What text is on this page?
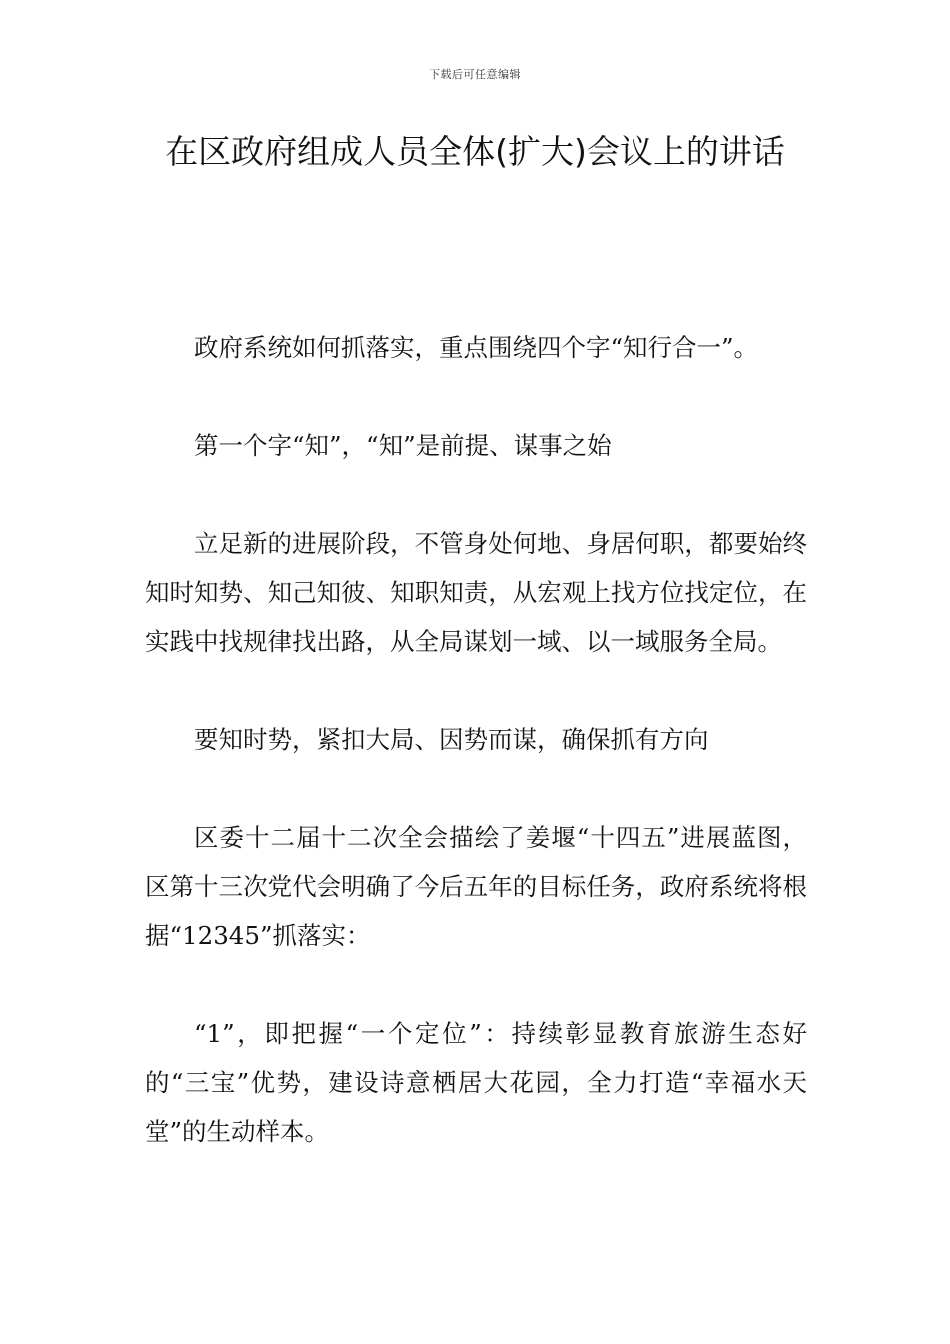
下载后可任意编辑
在区政府组成人员全体(扩大)会议上的讲话

政府系统如何抓落实，重点围绕四个字“知行合一”。

第一个字“知”，“知”是前提、谋事之始

立足新的进展阶段，不管身处何地、身居何职，都要始终知时知势、知己知彼、知职知责，从宏观上找方位找定位，在实践中找规律找出路，从全局谋划一域、以一域服务全局。

要知时势，紧扣大局、因势而谋，确保抓有方向

区委十二届十二次全会描绘了姜堰“十四五”进展蓝图，区第十三次党代会明确了今后五年的目标任务，政府系统将根据“12345”抓落实：

“1”，即把握“一个定位”：持续彰显教育旅游生态好的“三宝”优势，建设诗意栖居大花园，全力打造“幸福水天堂”的生动样本。
